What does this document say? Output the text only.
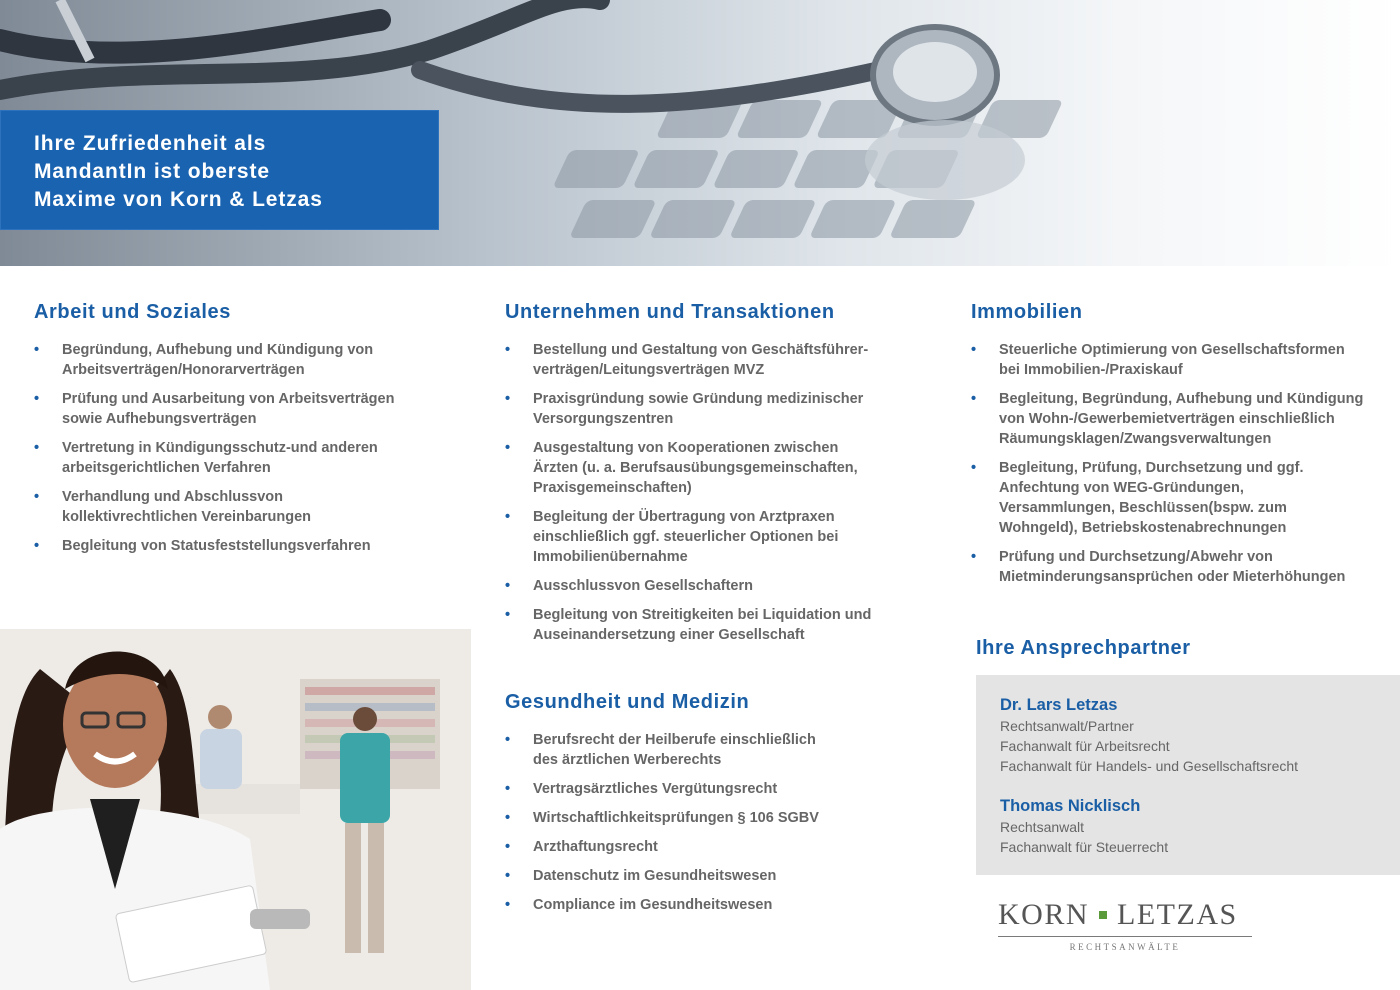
Ihre Zufriedenheit als
MandantIn ist oberste
Maxime von Korn & Letzas
Arbeit und Soziales
• Begründung, Aufhebung und Kündigung von
Arbeitsverträgen/Honorarverträgen
• Prüfung und Ausarbeitung von Arbeitsverträgen
sowie Aufhebungsverträgen
• Vertretung in Kündigungsschutz-und anderen
arbeitsgerichtlichen Verfahren
• Verhandlung und Abschlussvon
kollektivrechtlichen Vereinbarungen
• Begleitung von Statusfeststellungsverfahren
Unternehmen und Transaktionen
• Bestellung und Gestaltung von Geschäftsführer-
verträgen/Leitungsverträgen MVZ
• Praxisgründung sowie Gründung medizinischer
Versorgungszentren
• Ausgestaltung von Kooperationen zwischen
Ärzten (u. a. Berufsausübungsgemeinschaften,
Praxisgemeinschaften)
• Begleitung der Übertragung von Arztpraxen
einschließlich ggf. steuerlicher Optionen bei
Immobilienübernahme
• Ausschlussvon Gesellschaftern
• Begleitung von Streitigkeiten bei Liquidation und
Auseinandersetzung einer Gesellschaft
Immobilien
• Steuerliche Optimierung von Gesellschaftsformen
bei Immobilien-/Praxiskauf
• Begleitung, Begründung, Aufhebung und Kündigung
von Wohn-/Gewerbemietverträgen einschließlich
Räumungsklagen/Zwangsverwaltungen
• Begleitung, Prüfung, Durchsetzung und ggf.
Anfechtung von WEG-Gründungen,
Versammlungen, Beschlüssen(bspw. zum
Wohngeld), Betriebskostenabrechnungen
• Prüfung und Durchsetzung/Abwehr von
Mietminderungsansprüchen oder Mieterhöhungen
Gesundheit und Medizin
• Berufsrecht der Heilberufe einschließlich
des ärztlichen Werberechts
• Vertragsärztliches Vergütungsrecht
• Wirtschaftlichkeitsprüfungen § 106 SGBV
• Arzthaftungsrecht
• Datenschutz im Gesundheitswesen
• Compliance im Gesundheitswesen
Ihre Ansprechpartner
Dr. Lars Letzas
Rechtsanwalt/Partner
Fachanwalt für Arbeitsrecht
Fachanwalt für Handels- und Gesellschaftsrecht
Thomas Nicklisch
Rechtsanwalt
Fachanwalt für Steuerrecht
KORN LETZAS
RECHTSANWÄLTE
